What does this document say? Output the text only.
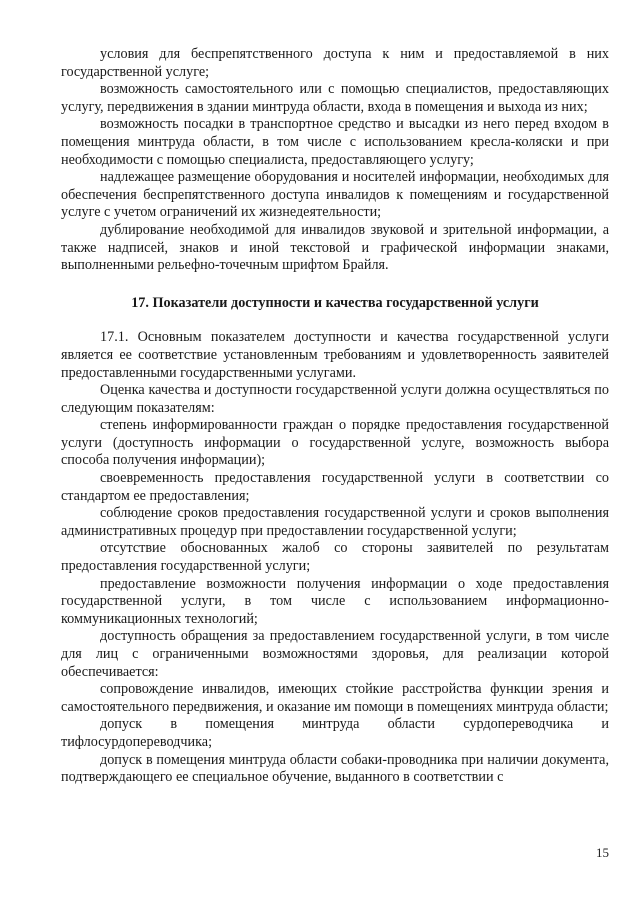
условия для беспрепятственного доступа к ним и предоставляемой в них государственной услуге;

возможность самостоятельного или с помощью специалистов, предоставляющих услугу, передвижения в здании минтруда области, входа в помещения и выхода из них;

возможность посадки в транспортное средство и высадки из него перед входом в помещения минтруда области, в том числе с использованием кресла-коляски и при необходимости с помощью специалиста, предоставляющего услугу;

надлежащее размещение оборудования и носителей информации, необходимых для обеспечения беспрепятственного доступа инвалидов к помещениям и государственной услуге с учетом ограничений их жизнедеятельности;

дублирование необходимой для инвалидов звуковой и зрительной информации, а также надписей, знаков и иной текстовой и графической информации знаками, выполненными рельефно-точечным шрифтом Брайля.

17. Показатели доступности и качества государственной услуги

17.1. Основным показателем доступности и качества государственной услуги является ее соответствие установленным требованиям и удовлетворенность заявителей предоставленными государственными услугами.

Оценка качества и доступности государственной услуги должна осуществляться по следующим показателям:

степень информированности граждан о порядке предоставления государственной услуги (доступность информации о государственной услуге, возможность выбора способа получения информации);

своевременность предоставления государственной услуги в соответствии со стандартом ее предоставления;

соблюдение сроков предоставления государственной услуги и сроков выполнения административных процедур при предоставлении государственной услуги;

отсутствие обоснованных жалоб со стороны заявителей по результатам предоставления государственной услуги;

предоставление возможности получения информации о ходе предоставления государственной услуги, в том числе с использованием информационно-коммуникационных технологий;

доступность обращения за предоставлением государственной услуги, в том числе для лиц с ограниченными возможностями здоровья, для реализации которой обеспечивается:

сопровождение инвалидов, имеющих стойкие расстройства функции зрения и самостоятельного передвижения, и оказание им помощи в помещениях минтруда области;

допуск в помещения минтруда области сурдопереводчика и тифлосурдопереводчика;

допуск в помещения минтруда области собаки-проводника при наличии документа, подтверждающего ее специальное обучение, выданного в соответствии с

15
